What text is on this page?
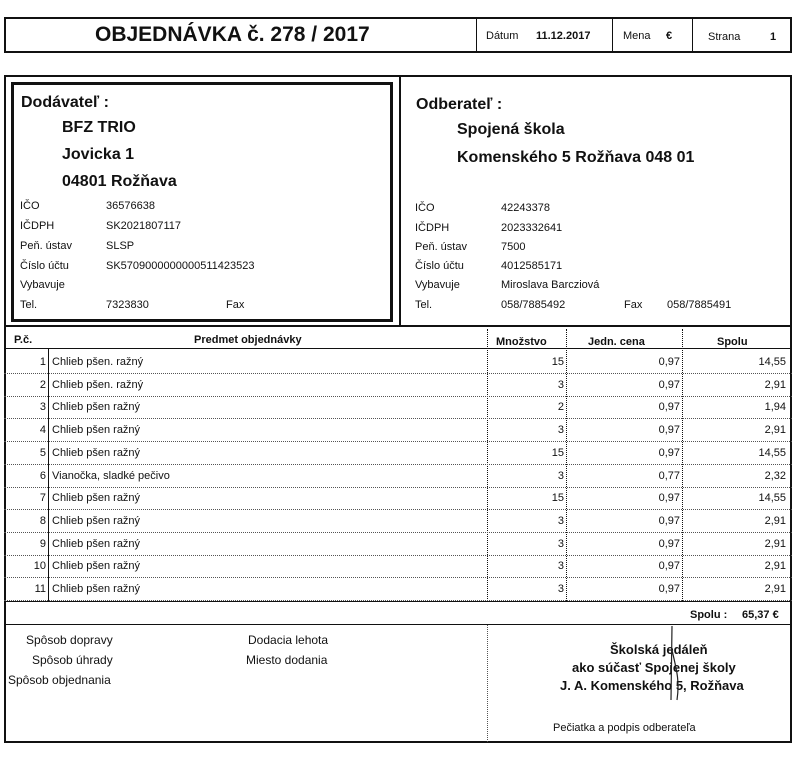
OBJEDNÁVKA č. 278 / 2017	Dátum 11.12.2017	Mena €	Strana	1
Dodávateľ :
BFZ TRIO
Jovicka 1
04801 Rožňava
IČO	36576638
IČDPH	SK2021807117
Peň. ústav	SLSP
Číslo účtu	SK5709000000000511423523
Vybavuje
Tel.	7323830	Fax
Odberateľ :
Spojená škola
Komenského 5 Rožňava 048 01
IČO	42243378
IČDPH	2023332641
Peň. ústav	7500
Číslo účtu	4012585171
Vybavuje	Miroslava Barcziová
Tel.	058/7885492	Fax 058/7885491
P.č.	Predmet objednávky	Množstvo	Jedn. cena	Spolu
1 Chlieb pšen. ražný	15	0,97	14,55
2 Chlieb pšen. ražný	3	0,97	2,91
3 Chlieb pšen ražný	2	0,97	1,94
4 Chlieb pšen ražný	3	0,97	2,91
5 Chlieb pšen ražný	15	0,97	14,55
6 Vianočka, sladké pečivo	3	0,77	2,32
7 Chlieb pšen ražný	15	0,97	14,55
8 Chlieb pšen ražný	3	0,97	2,91
9 Chlieb pšen ražný	3	0,97	2,91
10 Chlieb pšen ražný	3	0,97	2,91
11 Chlieb pšen ražný	3	0,97	2,91
Spolu : 65,37 €
Spôsob dopravy
Spôsob úhrady
Spôsob objednania
Dodacia lehota
Miesto dodania
Školská jedáleň
ako súčasť Spojenej školy
J. A. Komenského 5, Rožňava
Pečiatka a podpis odberateľa
